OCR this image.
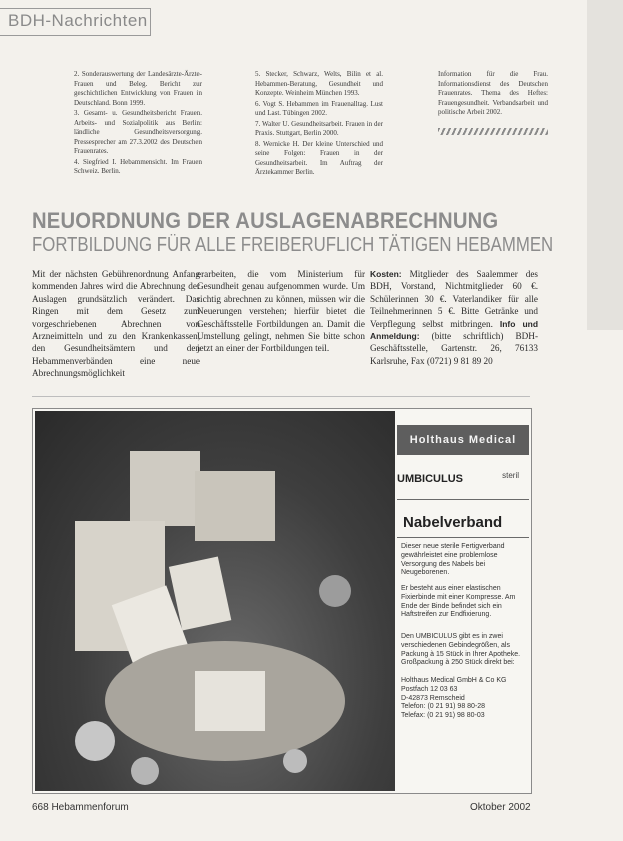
BDH-Nachrichten

2. Sonderauswertung der Landesärzte-Ärzte-Frauen und Beleg. Bericht zur geschichtlichen Entwicklung von Frauen in Deutschland. Bonn 1999.

3. Gesamt- u. Gesundheitsbericht Frauen. Arbeits- und Sozialpolitik aus Berlin: ländliche Gesundheitsversorgung. Pressesprecher am 27.3.2002 des Deutschen Frauenrates.

4. Siegfried I. Hebammensicht. Im Frauen Schweiz. Berlin.

5. Stecker, Schwarz, Welts, Bilin et al. Hebammen-Beratung, Gesundheit und Konzepte. Weinheim München 1993.

6. Vogt S. Hebammen im Frauenalltag. Lust und Last. Tübingen 2002.

7. Walter U. Gesundheitsarbeit. Frauen in der Praxis. Stuttgart, Berlin 2000.

8. Wernicke H. Der kleine Unterschied und seine Folgen: Frauen in der Gesundheitsarbeit. Im Auftrag der Ärztekammer Berlin.

Information für die Frau. Informationsdienst des Deutschen Frauenrates. Thema des Heftes: Frauengesundheit. Verbandsarbeit und politische Arbeit 2002.

NEUORDNUNG DER AUSLAGENABRECHNUNG
FORTBILDUNG FÜR ALLE FREIBERUFLICH TÄTIGEN HEBAMMEN
Mit der nächsten Gebührenordnung Anfang kommenden Jahres wird die Abrechnung der Auslagen grundsätzlich verändert. Das Ringen mit dem Gesetz zum vorgeschriebenen Abrechnen von Arzneimitteln und zu den Krankenkassen, den Gesundheitsämtern und den Hebammenverbänden eine neue Abrechnungsmöglichkeit
erarbeiten, die vom Ministerium für Gesundheit genau aufgenommen wurde. Um richtig abrechnen zu können, müssen wir die Neuerungen verstehen; hierfür bietet die Geschäftsstelle Fortbildungen an. Damit die Umstellung gelingt, nehmen Sie bitte schon jetzt an einer der Fortbildungen teil.
Kosten: Mitglieder des Saalemmer des BDH, Vorstand, Nichtmitglieder 60 €. Schülerinnen 30 €. Vaterlandiker für alle Teilnehmerinnen 5 €. Bitte Getränke und Verpflegung selbst mitbringen. Info und Anmeldung: (bitte schriftlich) BDH-Geschäftsstelle, Gartenstr. 26, 76133 Karlsruhe, Fax (0721) 9 81 89 20
Holthaus Medical
UMBICULUS	steril
Nabelverband

Dieser neue sterile Fertigverband gewährleistet eine problemlose Versorgung des Nabels bei Neugeborenen.

Er besteht aus einer elastischen Fixierbinde mit einer Kompresse. Am Ende der Binde befindet sich ein Haftstreifen zur Endfixierung.

Den UMBICULUS gibt es in zwei verschiedenen Gebindegrößen, als Packung à 15 Stück in Ihrer Apotheke. Großpackung à 250 Stück direkt bei:

Holthaus Medical GmbH & Co KG

Postfach 12 03 63

D-42873 Remscheid

Telefon: (0 21 91) 98 80-28

Telefax: (0 21 91) 98 80-03

668 Hebammenforum	Oktober 2002
